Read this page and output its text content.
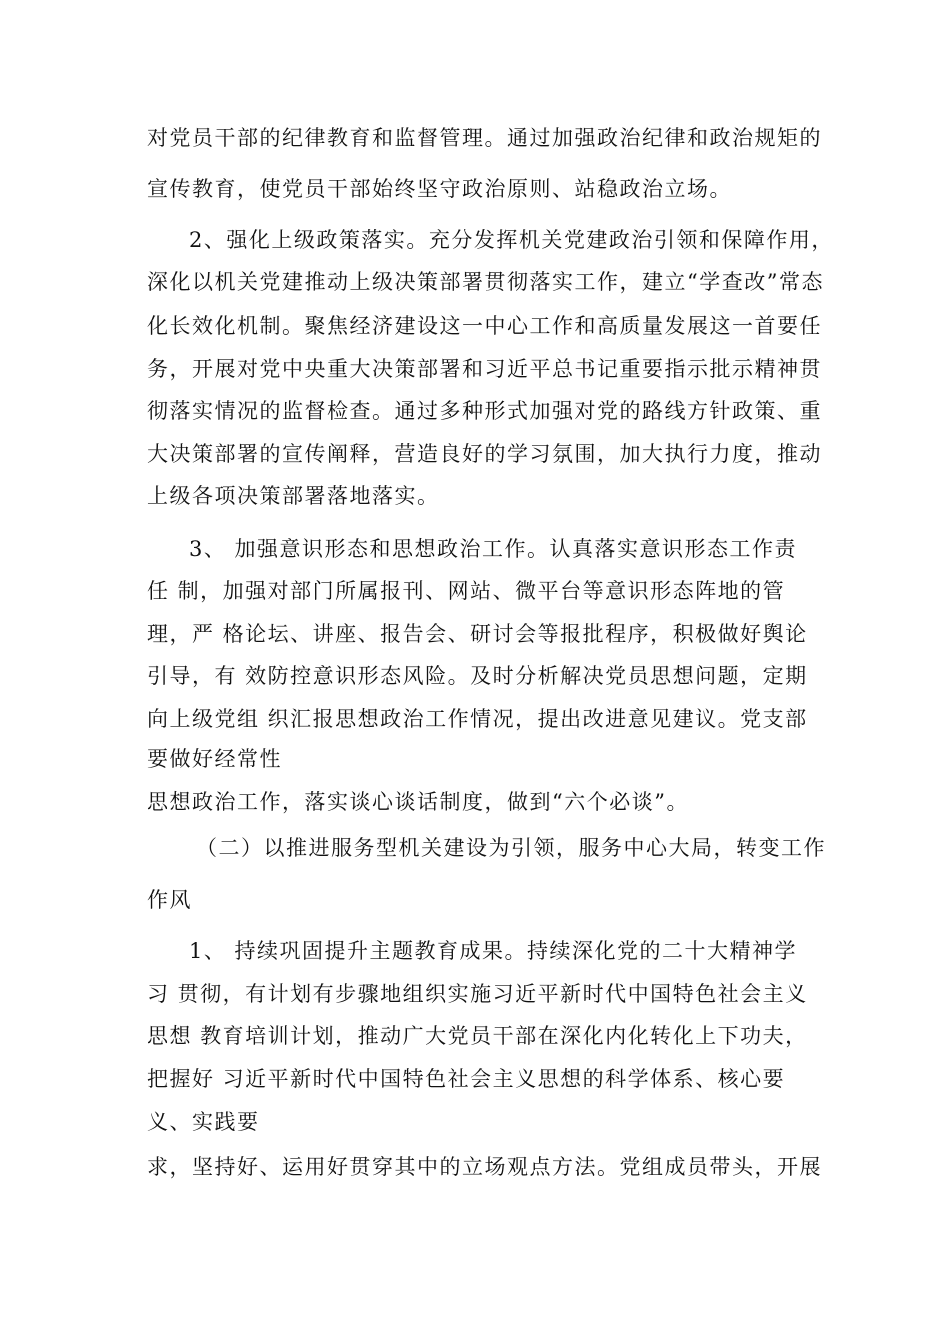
对党员干部的纪律教育和监督管理。通过加强政治纪律和政治规矩的
宣传教育，使党员干部始终坚守政治原则、站稳政治立场。
2、强化上级政策落实。充分发挥机关党建政治引领和保障作用，
深化以机关党建推动上级决策部署贯彻落实工作，建立“学查改”常态
化长效化机制。聚焦经济建设这一中心工作和高质量发展这一首要任
务，开展对党中央重大决策部署和习近平总书记重要指示批示精神贯
彻落实情况的监督检查。通过多种形式加强对党的路线方针政策、重
大决策部署的宣传阐释，营造良好的学习氛围，加大执行力度，推动
上级各项决策部署落地落实。
3、 加强意识形态和思想政治工作。认真落实意识形态工作责
任 制，加强对部门所属报刊、网站、微平台等意识形态阵地的管
理，严 格论坛、讲座、报告会、研讨会等报批程序，积极做好舆论
引导，有 效防控意识形态风险。及时分析解决党员思想问题，定期
向上级党组 织汇报思想政治工作情况，提出改进意见建议。党支部
要做好经常性
思想政治工作，落实谈心谈话制度，做到“六个必谈”。
（二）以推进服务型机关建设为引领，服务中心大局，转变工作
作风
1、 持续巩固提升主题教育成果。持续深化党的二十大精神学
习 贯彻，有计划有步骤地组织实施习近平新时代中国特色社会主义
思想 教育培训计划，推动广大党员干部在深化内化转化上下功夫，
把握好 习近平新时代中国特色社会主义思想的科学体系、核心要
义、实践要
求，坚持好、运用好贯穿其中的立场观点方法。党组成员带头，开展
